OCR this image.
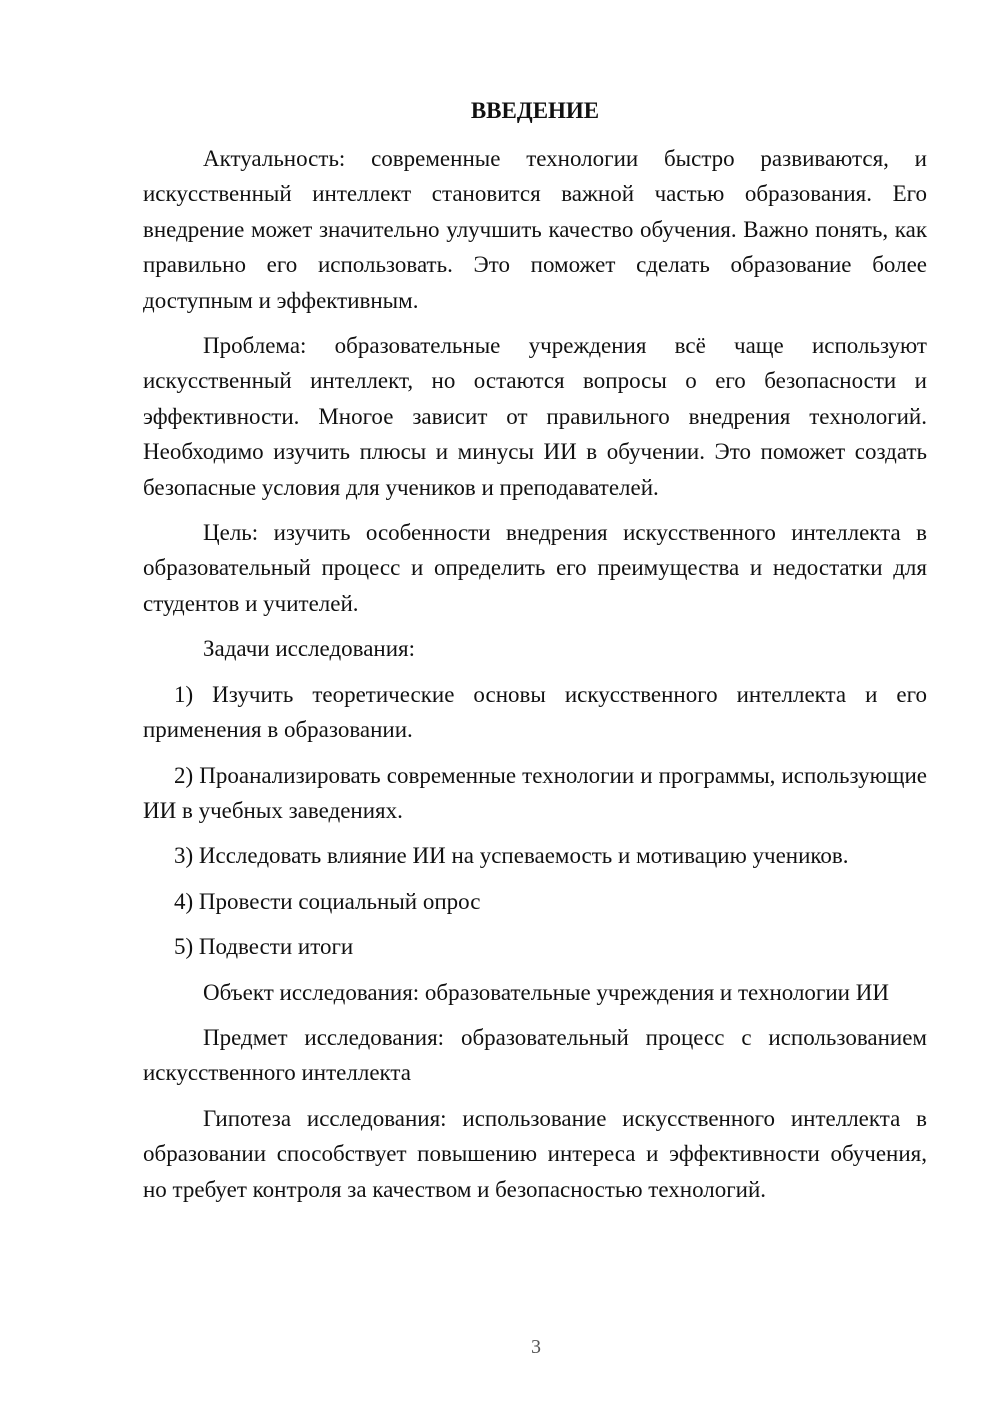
ВВЕДЕНИЕ

Актуальность: современные технологии быстро развиваются, и искусственный интеллект становится важной частью образования. Его внедрение может значительно улучшить качество обучения. Важно понять, как правильно его использовать. Это поможет сделать образование более доступным и эффективным.

Проблема: образовательные учреждения всё чаще используют искусственный интеллект, но остаются вопросы о его безопасности и эффективности. Многое зависит от правильного внедрения технологий. Необходимо изучить плюсы и минусы ИИ в обучении. Это поможет создать безопасные условия для учеников и преподавателей.

Цель: изучить особенности внедрения искусственного интеллекта в образовательный процесс и определить его преимущества и недостатки для студентов и учителей.

Задачи исследования:

1) Изучить теоретические основы искусственного интеллекта и его применения в образовании.

2) Проанализировать современные технологии и программы, использующие ИИ в учебных заведениях.

3) Исследовать влияние ИИ на успеваемость и мотивацию учеников.

4) Провести социальный опрос

5) Подвести итоги

Объект исследования: образовательные учреждения и технологии ИИ

Предмет исследования: образовательный процесс с использованием искусственного интеллекта

Гипотеза исследования: использование искусственного интеллекта в образовании способствует повышению интереса и эффективности обучения, но требует контроля за качеством и безопасностью технологий.

3
